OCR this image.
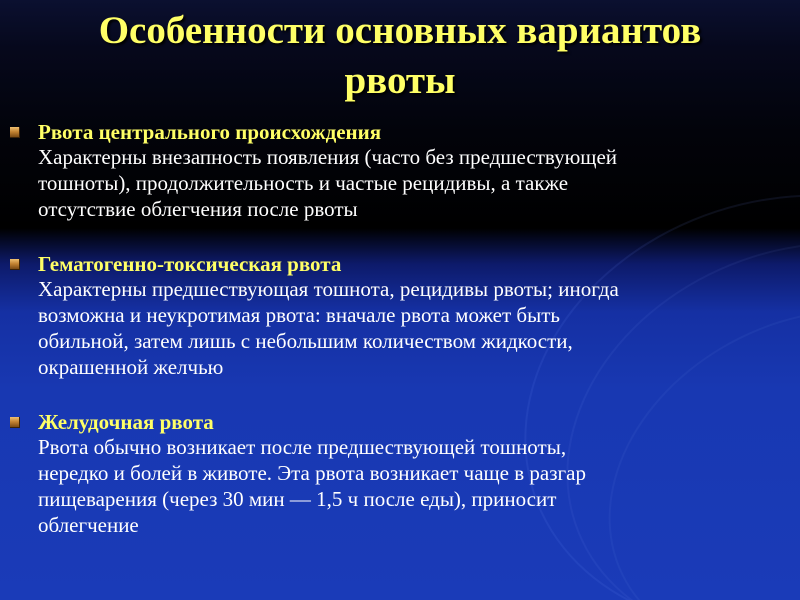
Особенности основных вариантов
рвоты
Рвота центрального происхождения
Характерны внезапность появления (часто без предшествующей
тошноты), продолжительность и частые рецидивы, а также
отсутствие облегчения после рвоты
Гематогенно-токсическая рвота
Характерны предшествующая тошнота, рецидивы рвоты; иногда
возможна и неукротимая рвота: вначале рвота может быть
обильной, затем лишь с небольшим количеством жидкости,
окрашенной желчью
Желудочная рвота
Рвота обычно возникает после предшествующей тошноты,
нередко и болей в животе. Эта рвота возникает чаще в разгар
пищеварения (через 30 мин — 1,5 ч после еды), приносит
облегчение
